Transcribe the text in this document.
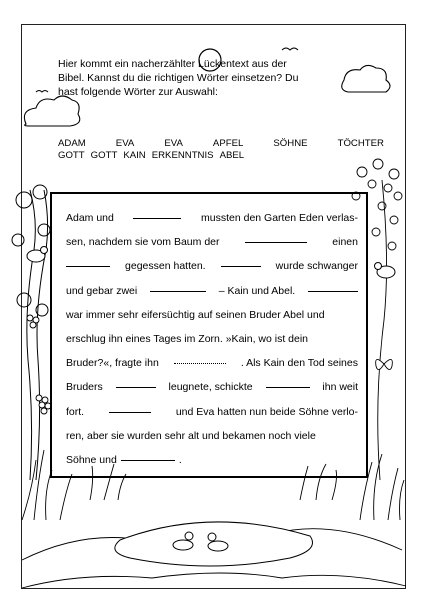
Hier kommt ein nacherzählter Lückentext aus der
Bibel. Kannst du die richtigen Wörter einsetzen? Du
hast folgende Wörter zur Auswahl:
ADAM	EVA	EVA	APFEL	SÖHNE	TÖCHTER
GOTT GOTT KAIN ERKENNTNIS ABEL
Adam und	mussten den Garten Eden verlas-
sen, nachdem sie vom Baum der	einen
gegessen hatten.	wurde schwanger
und gebar zwei	– Kain und Abel.
war immer sehr eifersüchtig auf seinen Bruder Abel und
erschlug ihn eines Tages im Zorn. »Kain, wo ist dein
Bruder?«, fragte ihn	. Als Kain den Tod seines
Bruders	leugnete, schickte	ihn weit
fort.	und Eva hatten nun beide Söhne verlo-
ren, aber sie wurden sehr alt und bekamen noch viele
Söhne und	.
